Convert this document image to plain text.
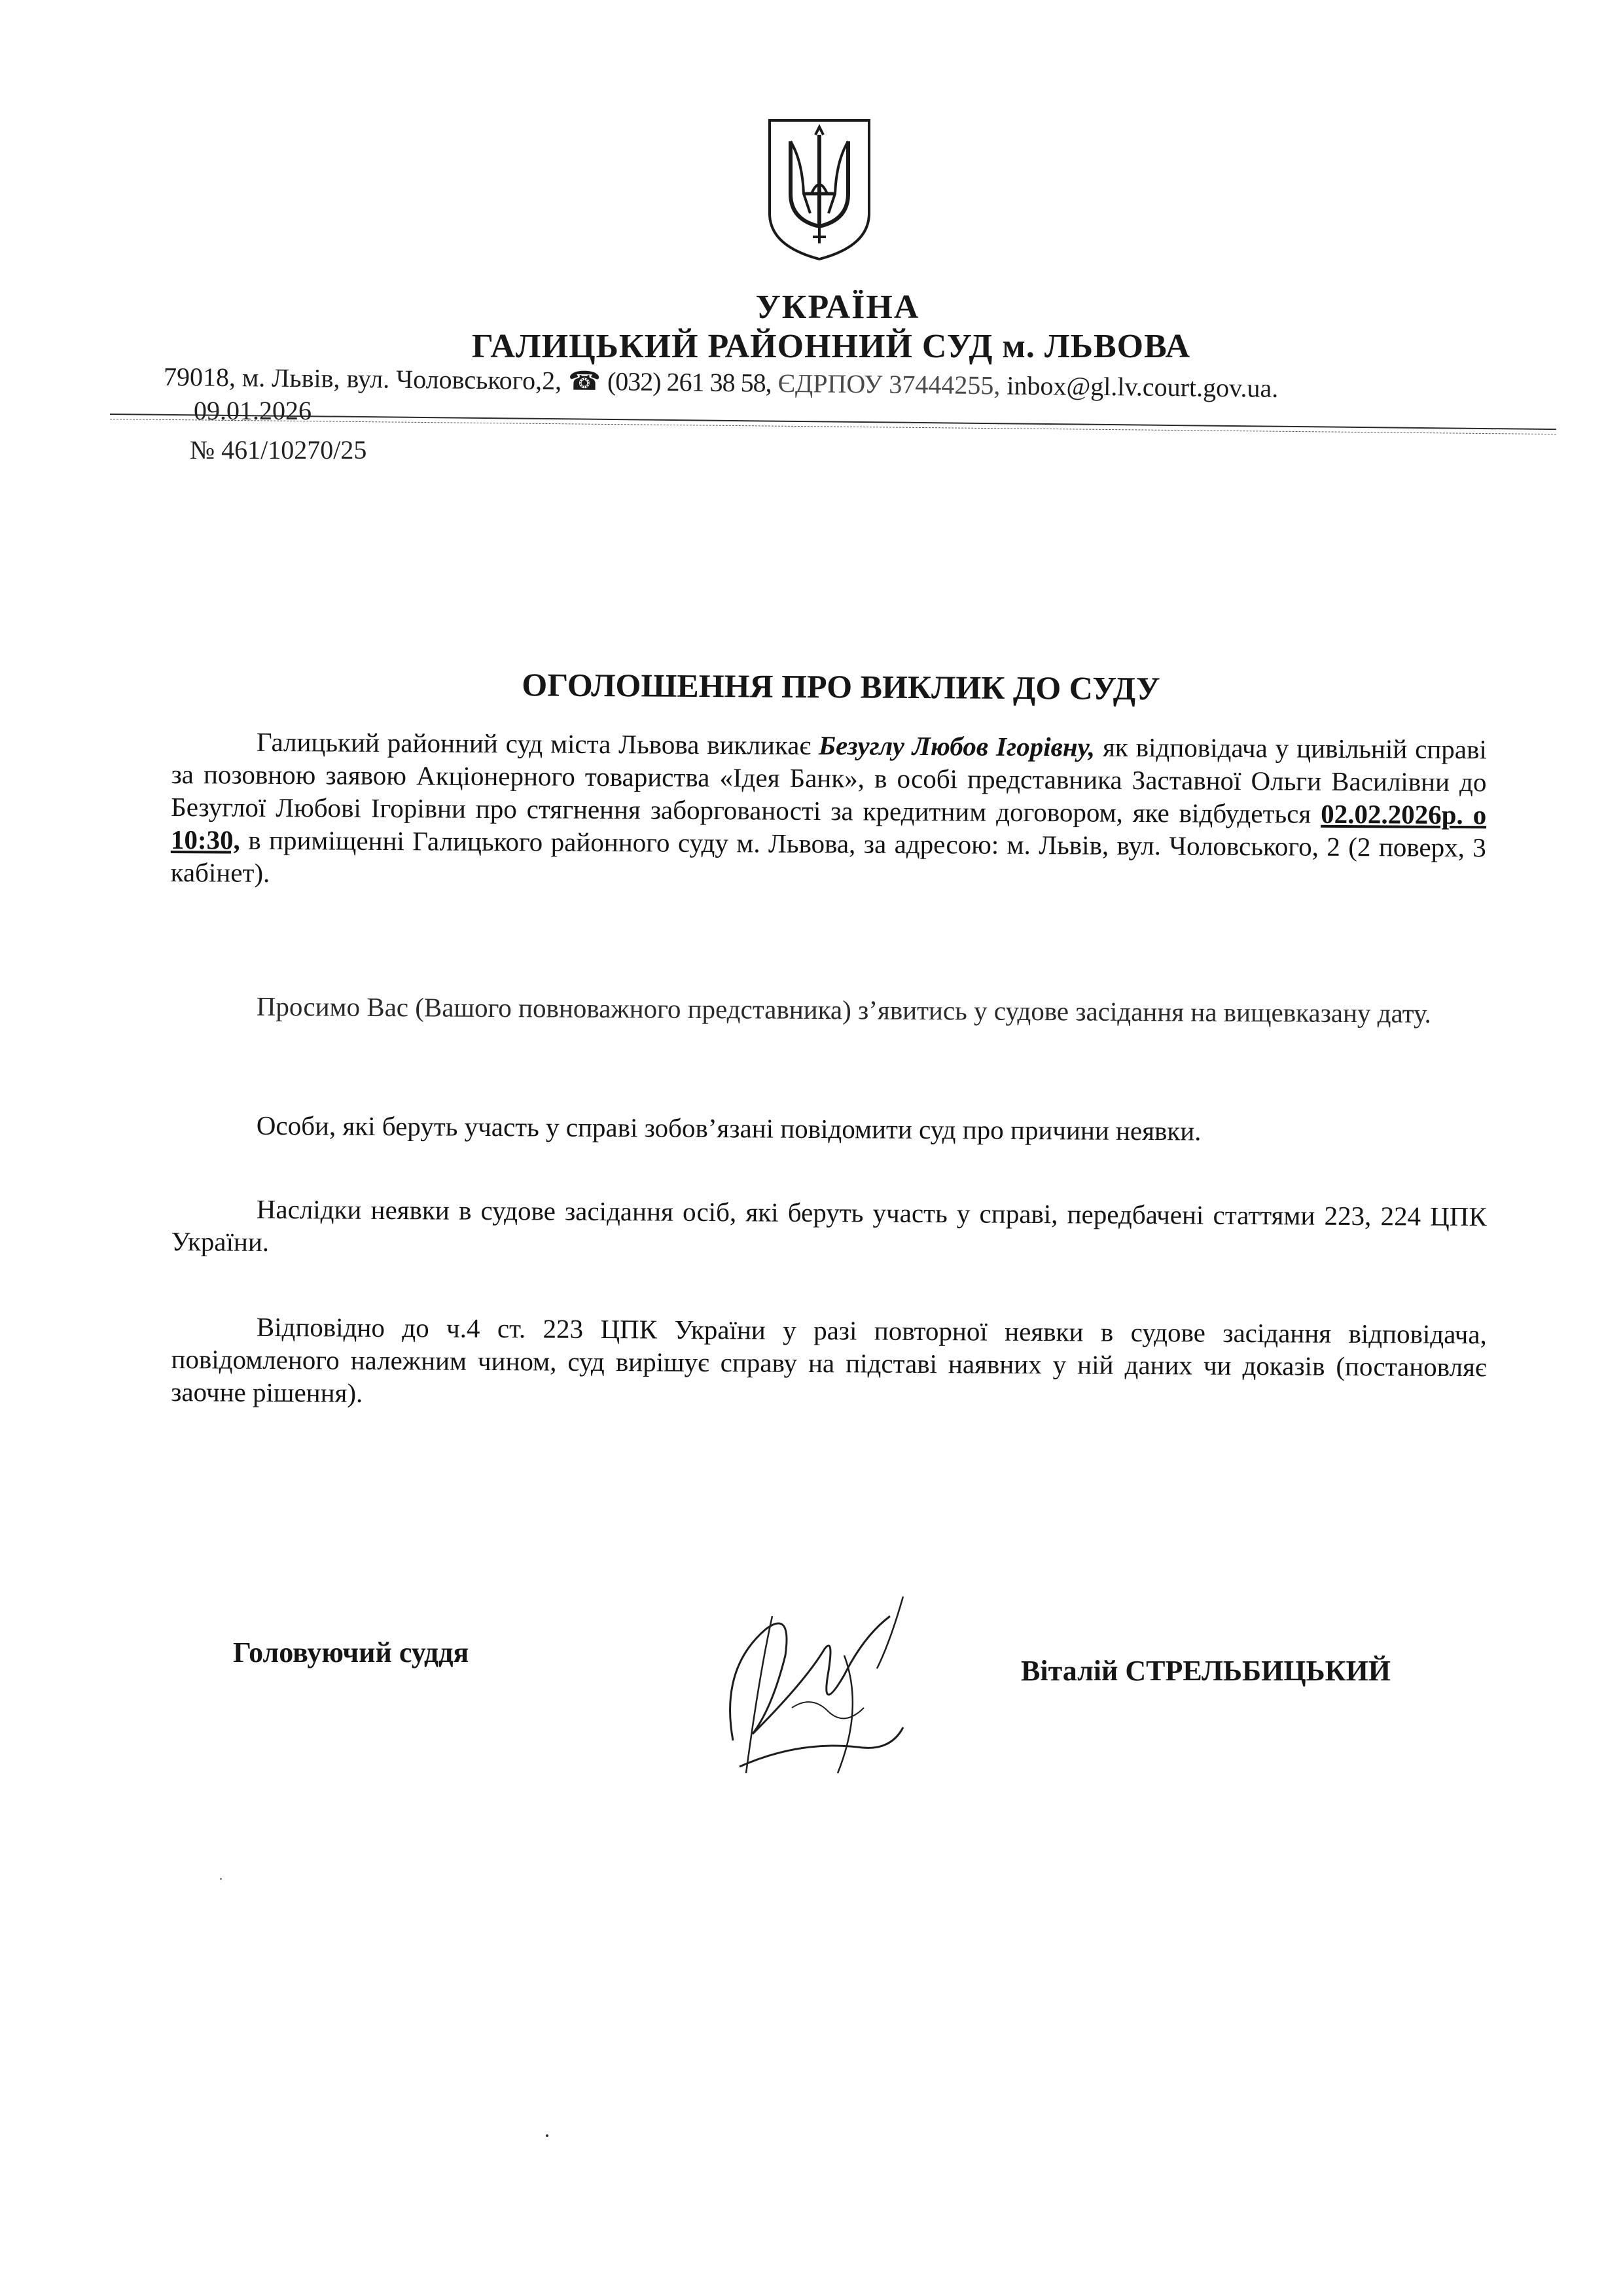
УКРАЇНА
ГАЛИЦЬКИЙ РАЙОННИЙ СУД м. ЛЬВОВА
79018, м. Львів, вул. Чоловського,2, ☎ (032) 261 38 58, ЄДРПОУ 37444255, inbox@gl.lv.court.gov.ua.
09.01.2026
№ 461/10270/25
ОГОЛОШЕННЯ ПРО ВИКЛИК ДО СУДУ
Галицький районний суд міста Львова викликає Безуглу Любов Ігорівну, як відповідача у цивільній справі за позовною заявою Акціонерного товариства «Ідея Банк», в особі представника Заставної Ольги Василівни до Безуглої Любові Ігорівни про стягнення заборгованості за кредитним договором, яке відбудеться 02.02.2026р. о 10:30, в приміщенні Галицького районного суду м. Львова, за адресою: м. Львів, вул. Чоловського, 2 (2 поверх, 3 кабінет).
Просимо Вас (Вашого повноважного представника) з’явитись у судове засідання на вищевказану дату.
Особи, які беруть участь у справі зобов’язані повідомити суд про причини неявки.
Наслідки неявки в судове засідання осіб, які беруть участь у справі, передбачені статтями 223, 224 ЦПК України.
Відповідно до ч.4 ст. 223 ЦПК України у разі повторної неявки в судове засідання відповідача, повідомленого належним чином, суд вирішує справу на підставі наявних у ній даних чи доказів (постановляє заочне рішення).
Головуючий суддя
Віталій СТРЕЛЬБИЦЬКИЙ
